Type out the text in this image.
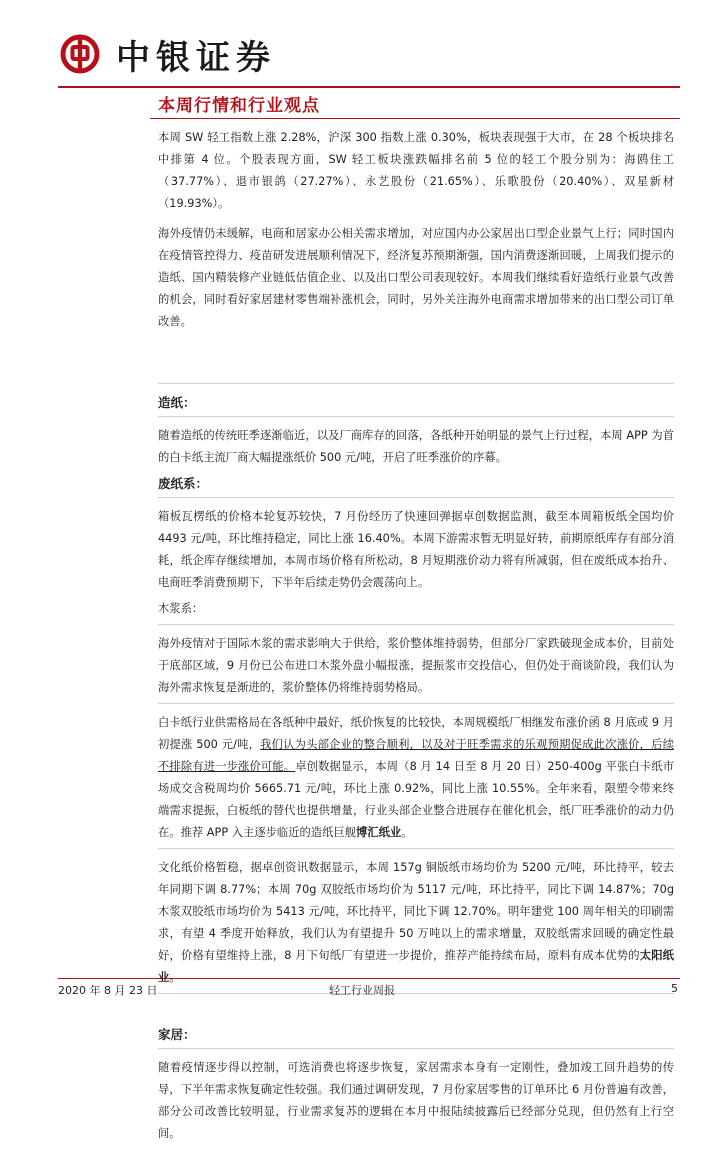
中银证券
本周行情和行业观点

本周 SW 轻工指数上涨 2.28%，沪深 300 指数上涨 0.30%，板块表现强于大市，在 28 个板块排名中排第 4 位。个股表现方面，SW 轻工板块涨跌幅排名前 5 位的轻工个股分别为：海鸥住工（37.77%）、退市银鸽（27.27%）、永艺股份（21.65%）、乐歌股份（20.40%）、双星新材（19.93%）。

海外疫情仍未缓解，电商和居家办公相关需求增加，对应国内办公家居出口型企业景气上行；同时国内在疫情管控得力、疫苗研发进展顺利情况下，经济复苏预期渐强，国内消费逐渐回暖，上周我们提示的造纸、国内精装修产业链低估值企业、以及出口型公司表现较好。本周我们继续看好造纸行业景气改善的机会，同时看好家居建材零售端补涨机会，同时，另外关注海外电商需求增加带来的出口型公司订单改善。

造纸：

随着造纸的传统旺季逐渐临近，以及厂商库存的回落，各纸种开始明显的景气上行过程，本周 APP 为首的白卡纸主流厂商大幅提涨纸价 500 元/吨，开启了旺季涨价的序幕。

废纸系：

箱板瓦楞纸的价格本轮复苏较快，7 月份经历了快速回弹据卓创数据监测，截至本周箱板纸全国均价 4493 元/吨，环比维持稳定，同比上涨 16.40%。本周下游需求暂无明显好转，前期原纸库存有部分消耗，纸企库存继续增加，本周市场价格有所松动，8 月短期涨价动力将有所减弱，但在废纸成本抬升、电商旺季消费预期下，下半年后续走势仍会震荡向上。

木浆系：

海外疫情对于国际木浆的需求影响大于供给，浆价整体维持弱势，但部分厂家跌破现金成本价，目前处于底部区域，9 月份已公布进口木浆外盘小幅报涨，提振浆市交投信心，但仍处于商谈阶段，我们认为海外需求恢复是渐进的，浆价整体仍将维持弱势格局。

白卡纸行业供需格局在各纸种中最好，纸价恢复的比较快，本周规模纸厂相继发布涨价函 8 月底或 9 月初提涨 500 元/吨，我们认为头部企业的整合顺利，以及对于旺季需求的乐观预期促成此次涨价，后续不排除有进一步涨价可能。卓创数据显示，本周（8 月 14 日至 8 月 20 日）250-400g 平张白卡纸市场成交含税周均价 5665.71 元/吨，环比上涨 0.92%，同比上涨 10.55%。全年来看，限塑令带来终端需求提振，白板纸的替代也提供增量，行业头部企业整合进展存在催化机会，纸厂旺季涨价的动力仍在。推荐 APP 入主逐步临近的造纸巨舰博汇纸业。

文化纸价格暂稳，据卓创资讯数据显示，本周 157g 铜版纸市场均价为 5200 元/吨，环比持平，较去年同期下调 8.77%；本周 70g 双胶纸市场均价为 5117 元/吨，环比持平，同比下调 14.87%；70g 木浆双胶纸市场均价为 5413 元/吨，环比持平，同比下调 12.70%。明年建党 100 周年相关的印刷需求，有望 4 季度开始释放，我们认为有望提升 50 万吨以上的需求增量，双胶纸需求回暖的确定性最好，价格有望维持上涨，8 月下旬纸厂有望进一步提价，推荐产能持续布局，原料有成本优势的太阳纸业

家居：

随着疫情逐步得以控制，可选消费也将逐步恢复，家居需求本身有一定刚性，叠加竣工回升趋势的传导，下半年需求恢复确定性较强。我们通过调研发现，7 月份家居零售的订单环比 6 月份普遍有改善，部分公司改善比较明显，行业需求复苏的逻辑在本月中报陆续披露后已经部分兑现，但仍然有上行空间。

2020 年 8 月 23 日	轻工行业周报	5
